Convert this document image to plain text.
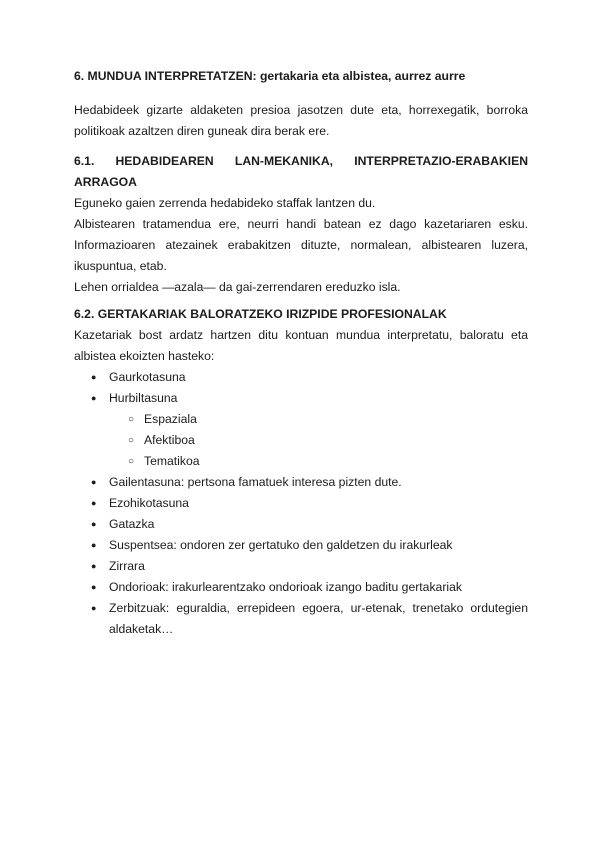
6. MUNDUA INTERPRETATZEN: gertakaria eta albistea, aurrez aurre

Hedabideek gizarte aldaketen presioa jasotzen dute eta, horrexegatik, borroka politikoak azaltzen diren guneak dira berak ere.

6.1. HEDABIDEAREN LAN-MEKANIKA, INTERPRETAZIO-ERABAKIEN ARRAGOA

Eguneko gaien zerrenda hedabideko staffak lantzen du.

Albistearen tratamendua ere, neurri handi batean ez dago kazetariaren esku. Informazioaren atezainek erabakitzen dituzte, normalean, albistearen luzera, ikuspuntua, etab.

Lehen orrialdea —azala— da gai-zerrendaren ereduzko isla.

6.2. GERTAKARIAK BALORATZEKO IRIZPIDE PROFESIONALAK

Kazetariak bost ardatz hartzen ditu kontuan mundua interpretatu, baloratu eta albistea ekoizten hasteko:

● Gaurkotasuna
● Hurbiltasuna
○ Espaziala
○ Afektiboa
○ Tematikoa
● Gailentasuna: pertsona famatuek interesa pizten dute.
● Ezohikotasuna
● Gatazka
● Suspentsea: ondoren zer gertatuko den galdetzen du irakurleak
● Zirrara
● Ondorioak: irakurlearentzako ondorioak izango baditu gertakariak
● Zerbitzuak: eguraldia, errepideen egoera, ur-etenak, trenetako ordutegien aldaketak…
